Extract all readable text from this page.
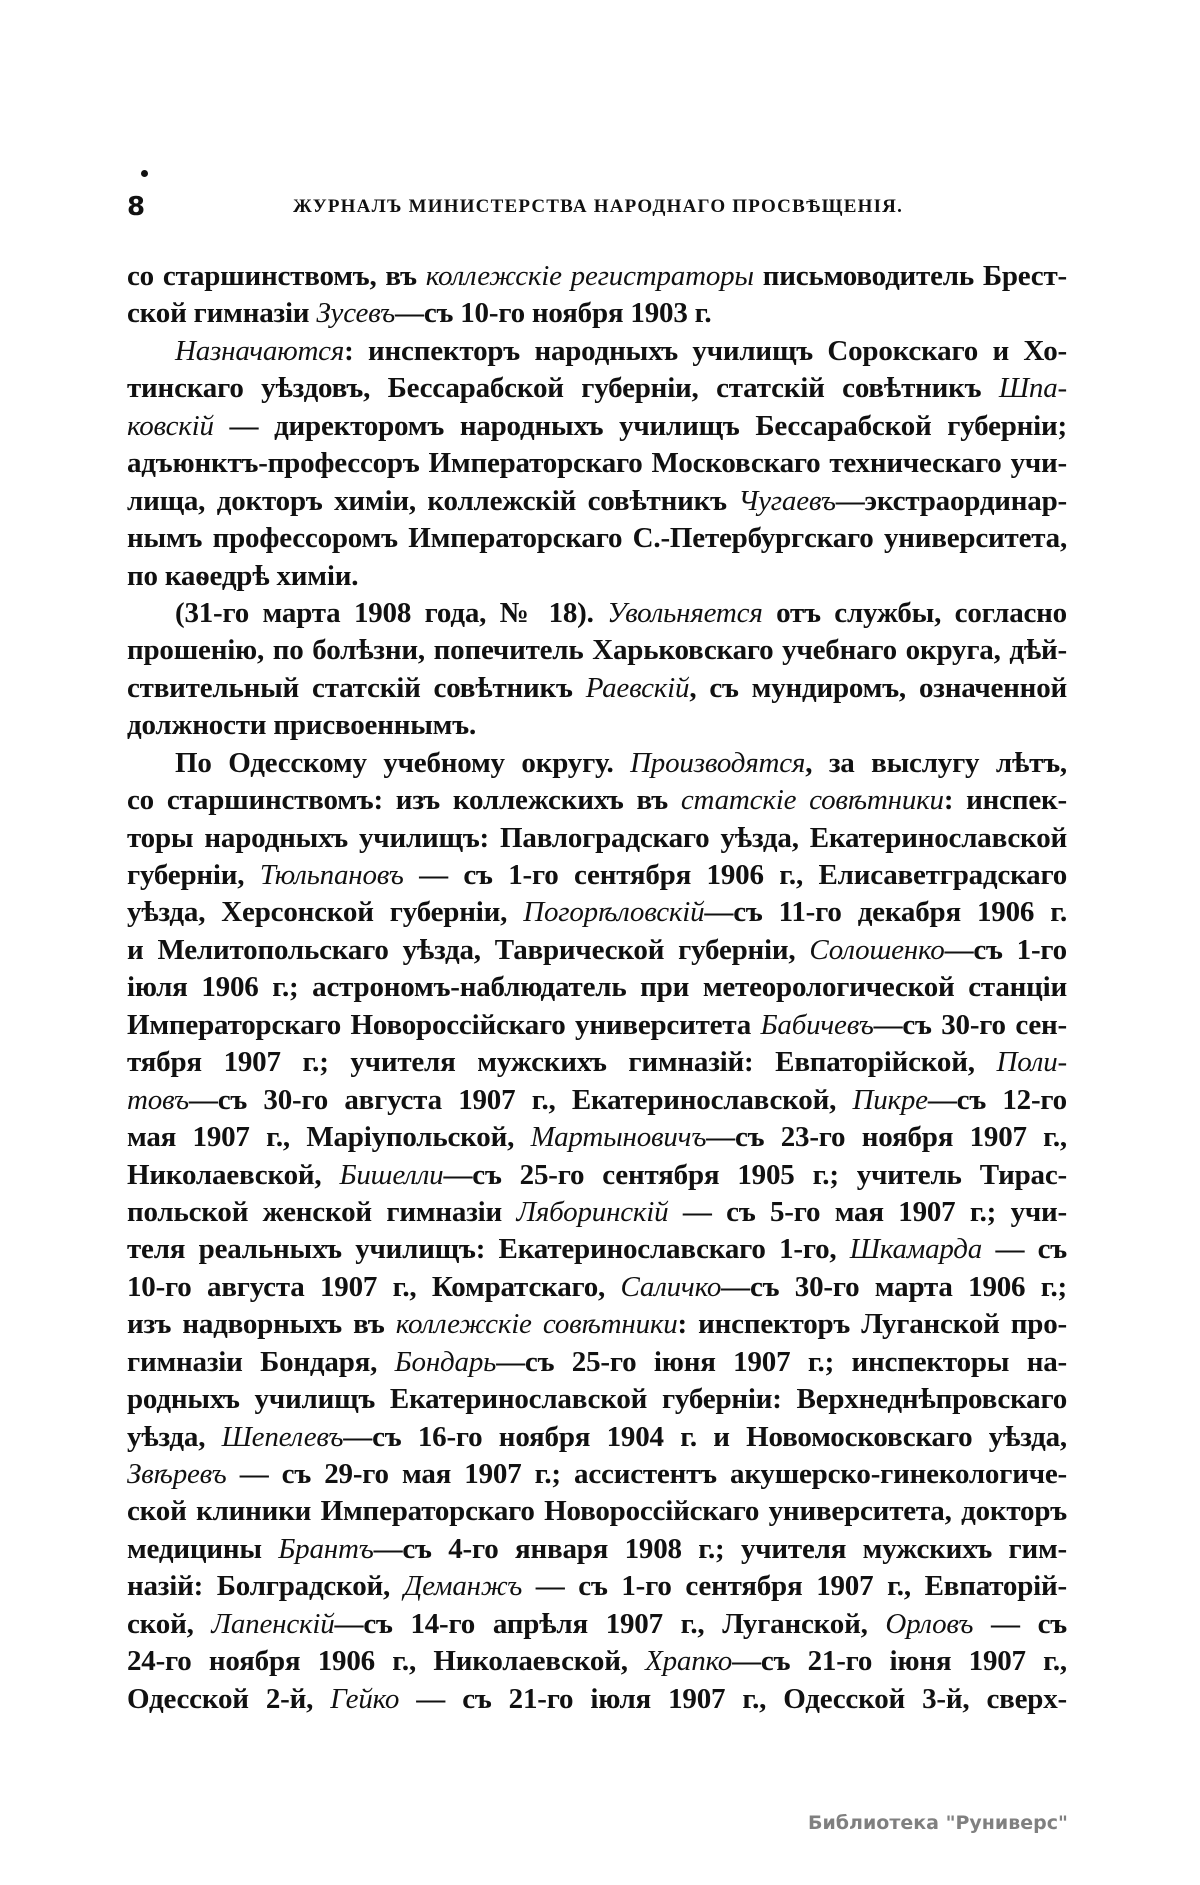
8	ЖУРНАЛЪ МИНИСТЕРСТВА НАРОДНАГО ПРОСВѢЩЕНІЯ.
со старшинствомъ, въ коллежскіе регистраторы письмоводитель Брест-
ской гимназіи Зусевъ—съ 10-го ноября 1903 г.
Назначаются: инспекторъ народныхъ училищъ Сорокскаго и Хо-
тинскаго уѣздовъ, Бессарабской губерніи, статскій совѣтникъ Шпа-
ковскій — директоромъ народныхъ училищъ Бессарабской губерніи;
адъюнктъ-профессоръ Императорскаго Московскаго техническаго учи-
лища, докторъ химіи, коллежскій совѣтникъ Чугаевъ—экстраординар-
нымъ профессоромъ Императорскаго С.-Петербургскаго университета,
по каѳедрѣ химіи.
(31-го марта 1908 года, № 18). Увольняется отъ службы, согласно
прошенію, по болѣзни, попечитель Харьковскаго учебнаго округа, дѣй-
ствительный статскій совѣтникъ Раевскій, съ мундиромъ, означенной
должности присвоеннымъ.
По Одесскому учебному округу. Производятся, за выслугу лѣтъ,
со старшинствомъ: изъ коллежскихъ въ статскіе совѣтники: инспек-
торы народныхъ училищъ: Павлоградскаго уѣзда, Екатеринославской
губерніи, Тюльпановъ — съ 1-го сентября 1906 г., Елисаветградскаго
уѣзда, Херсонской губерніи, Погорѣловскій—съ 11-го декабря 1906 г.
и Мелитопольскаго уѣзда, Таврической губерніи, Солошенко—съ 1-го
іюля 1906 г.; астрономъ-наблюдатель при метеорологической станціи
Императорскаго Новороссійскаго университета Бабичевъ—съ 30-го сен-
тября 1907 г.; учителя мужскихъ гимназій: Евпаторійской, Поли-
товъ—съ 30-го августа 1907 г., Екатеринославской, Пикре—съ 12-го
мая 1907 г., Маріупольской, Мартыновичъ—съ 23-го ноября 1907 г.,
Николаевской, Бишелли—съ 25-го сентября 1905 г.; учитель Тирас-
польской женской гимназіи Ляборинскій — съ 5-го мая 1907 г.; учи-
теля реальныхъ училищъ: Екатеринославскаго 1-го, Шкамарда — съ
10-го августа 1907 г., Комратскаго, Саличко—съ 30-го марта 1906 г.;
изъ надворныхъ въ коллежскіе совѣтники: инспекторъ Луганской про-
гимназіи Бондаря, Бондарь—съ 25-го іюня 1907 г.; инспекторы на-
родныхъ училищъ Екатеринославской губерніи: Верхнеднѣпровскаго
уѣзда, Шепелевъ—съ 16-го ноября 1904 г. и Новомосковскаго уѣзда,
Звѣревъ — съ 29-го мая 1907 г.; ассистентъ акушерско-гинекологиче-
ской клиники Императорскаго Новороссійскаго университета, докторъ
медицины Брантъ—съ 4-го января 1908 г.; учителя мужскихъ гим-
назій: Болградской, Деманжъ — съ 1-го сентября 1907 г., Евпаторій-
ской, Лапенскій—съ 14-го апрѣля 1907 г., Луганской, Орловъ — съ
24-го ноября 1906 г., Николаевской, Храпко—съ 21-го іюня 1907 г.,
Одесской 2-й, Гейко — съ 21-го іюля 1907 г., Одесской 3-й, сверх-
Библиотека "Руниверс"
